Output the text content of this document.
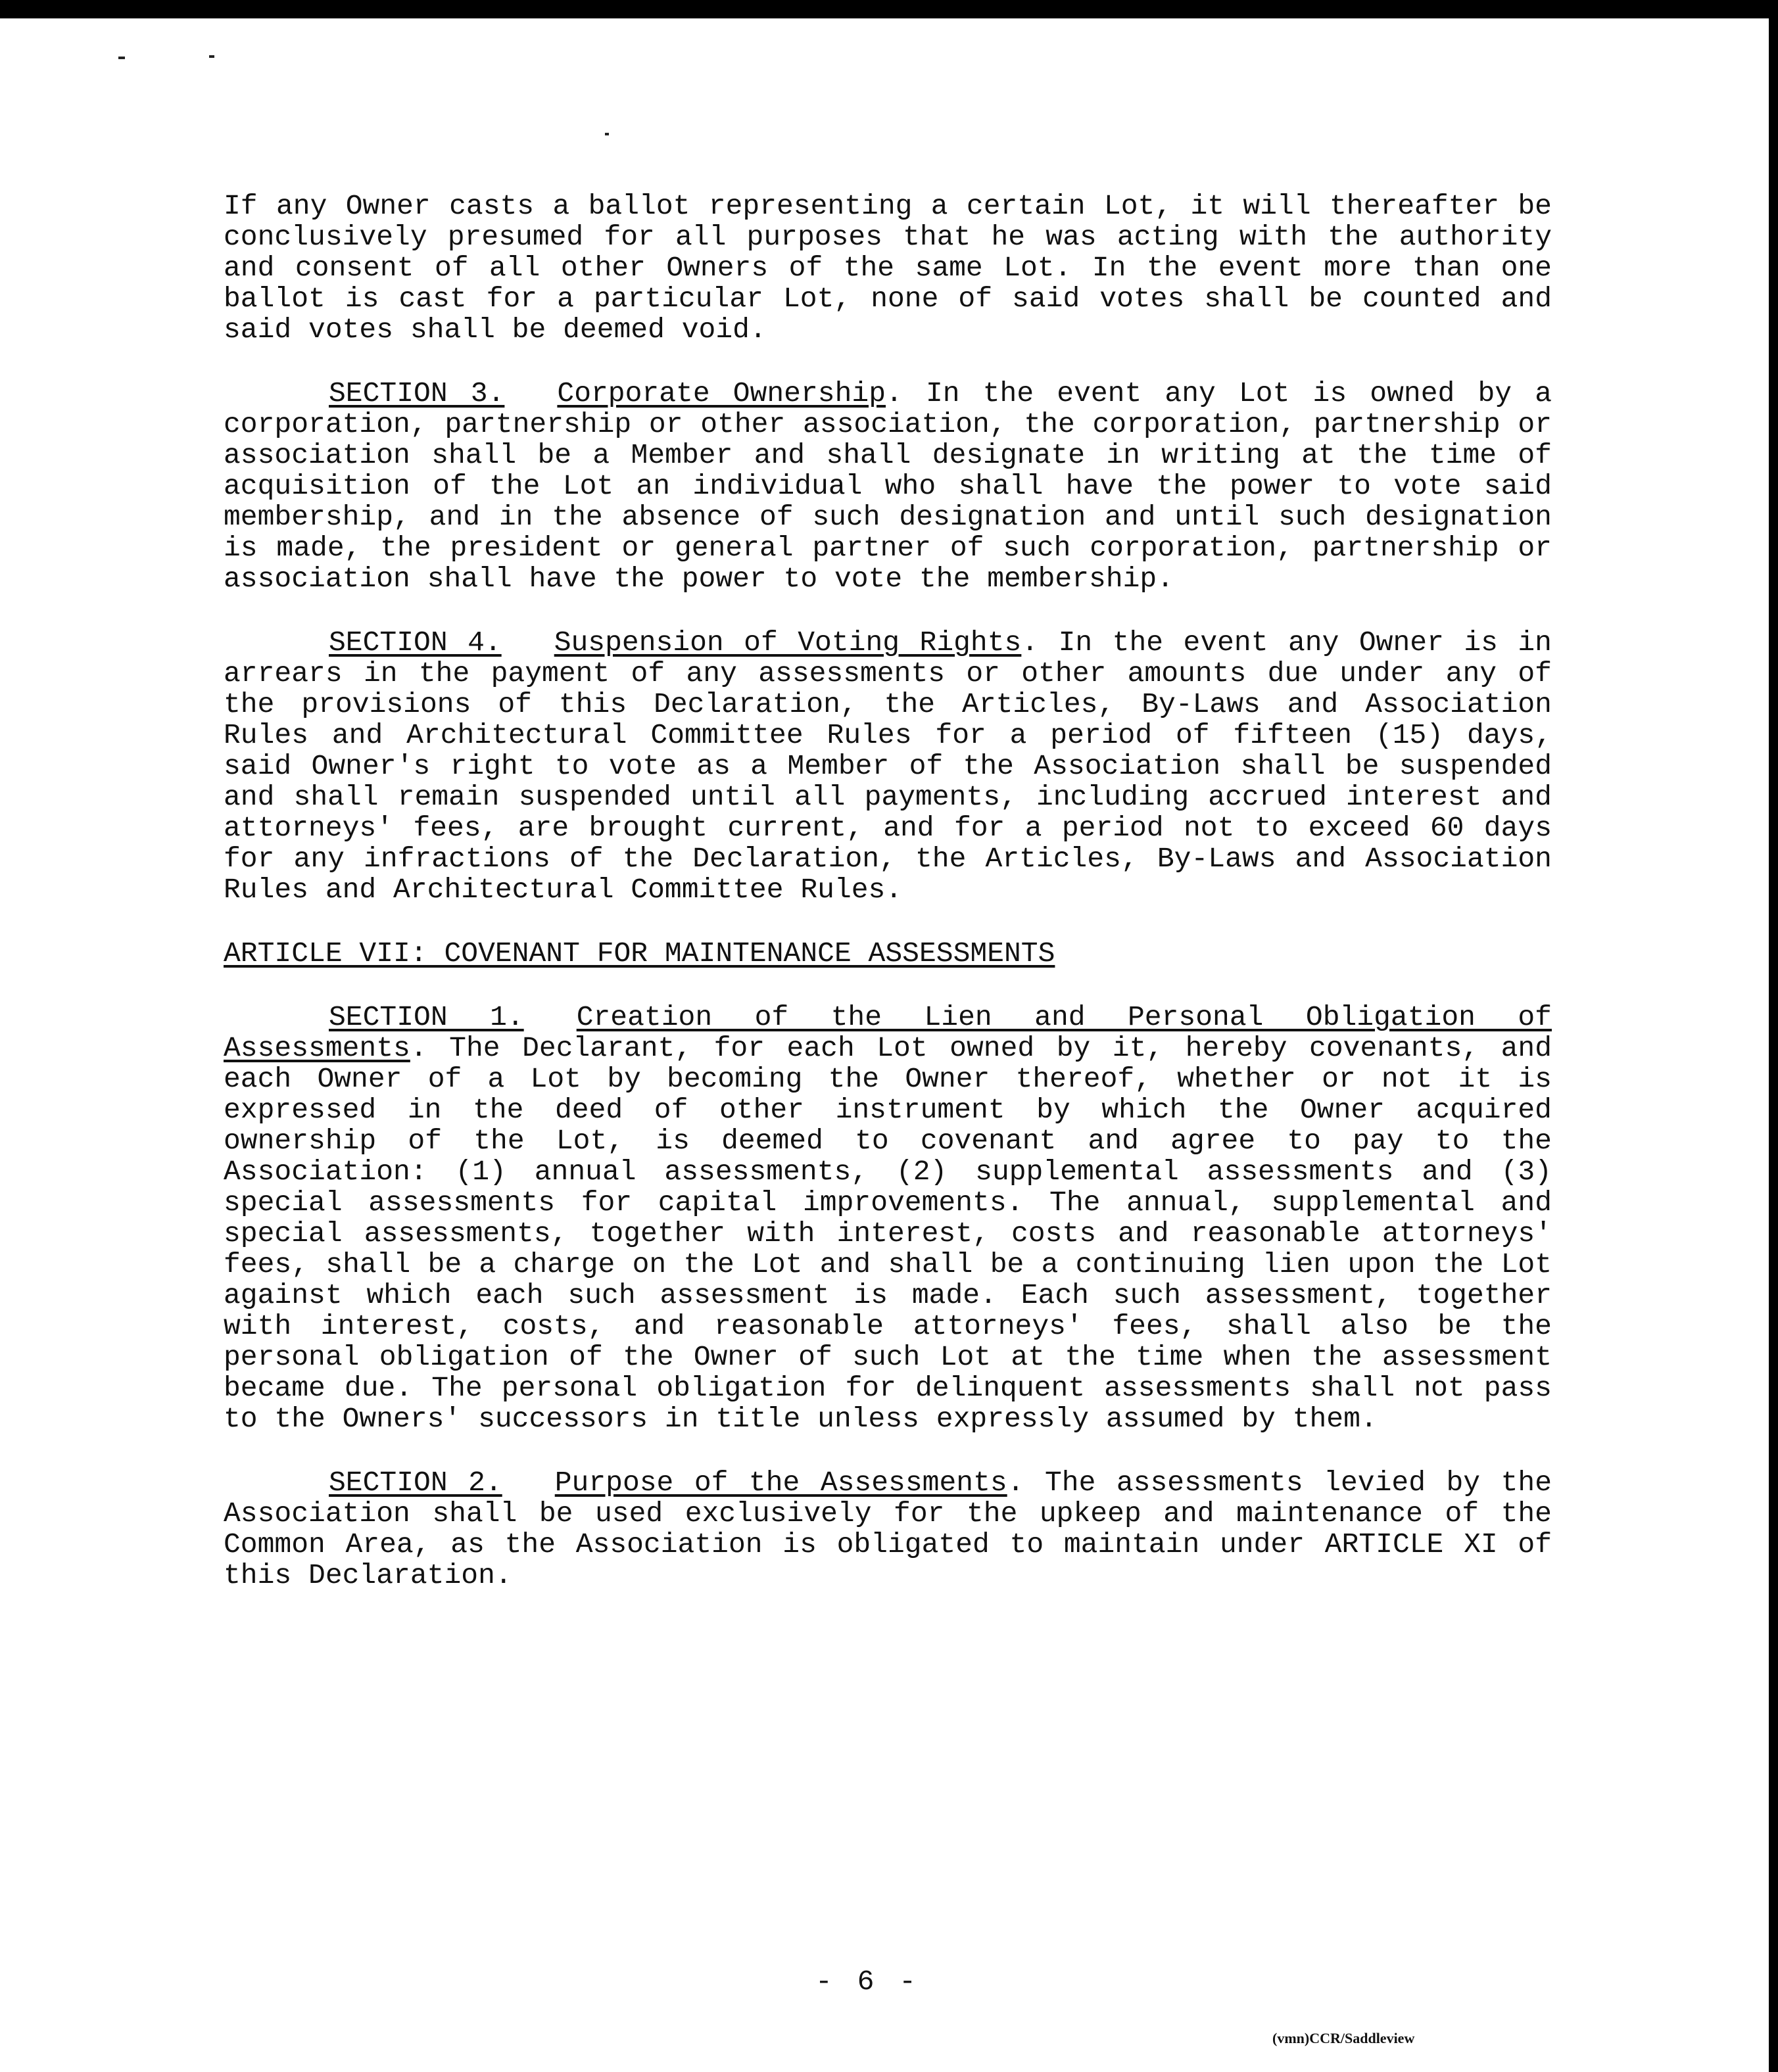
If any Owner casts a ballot representing a certain Lot, it will thereafter be conclusively presumed for all purposes that he was acting with the authority and consent of all other Owners of the same Lot. In the event more than one ballot is cast for a particular Lot, none of said votes shall be counted and said votes shall be deemed void.

SECTION 3. Corporate Ownership. In the event any Lot is owned by a corporation, partnership or other association, the corporation, partnership or association shall be a Member and shall designate in writing at the time of acquisition of the Lot an individual who shall have the power to vote said membership, and in the absence of such designation and until such designation is made, the president or general partner of such corporation, partnership or association shall have the power to vote the membership.

SECTION 4. Suspension of Voting Rights. In the event any Owner is in arrears in the payment of any assessments or other amounts due under any of the provisions of this Declaration, the Articles, By-Laws and Association Rules and Architectural Committee Rules for a period of fifteen (15) days, said Owner's right to vote as a Member of the Association shall be suspended and shall remain suspended until all payments, including accrued interest and attorneys' fees, are brought current, and for a period not to exceed 60 days for any infractions of the Declaration, the Articles, By-Laws and Association Rules and Architectural Committee Rules.

ARTICLE VII: COVENANT FOR MAINTENANCE ASSESSMENTS

SECTION 1. Creation of the Lien and Personal Obligation of Assessments. The Declarant, for each Lot owned by it, hereby covenants, and each Owner of a Lot by becoming the Owner thereof, whether or not it is expressed in the deed of other instrument by which the Owner acquired ownership of the Lot, is deemed to covenant and agree to pay to the Association: (1) annual assessments, (2) supplemental assessments and (3) special assessments for capital improvements. The annual, supplemental and special assessments, together with interest, costs and reasonable attorneys' fees, shall be a charge on the Lot and shall be a continuing lien upon the Lot against which each such assessment is made. Each such assessment, together with interest, costs, and reasonable attorneys' fees, shall also be the personal obligation of the Owner of such Lot at the time when the assessment became due. The personal obligation for delinquent assessments shall not pass to the Owners' successors in title unless expressly assumed by them.

SECTION 2. Purpose of the Assessments. The assessments levied by the Association shall be used exclusively for the upkeep and maintenance of the Common Area, as the Association is obligated to maintain under ARTICLE XI of this Declaration.

- 6 -
(vmn)CCR/Saddleview
